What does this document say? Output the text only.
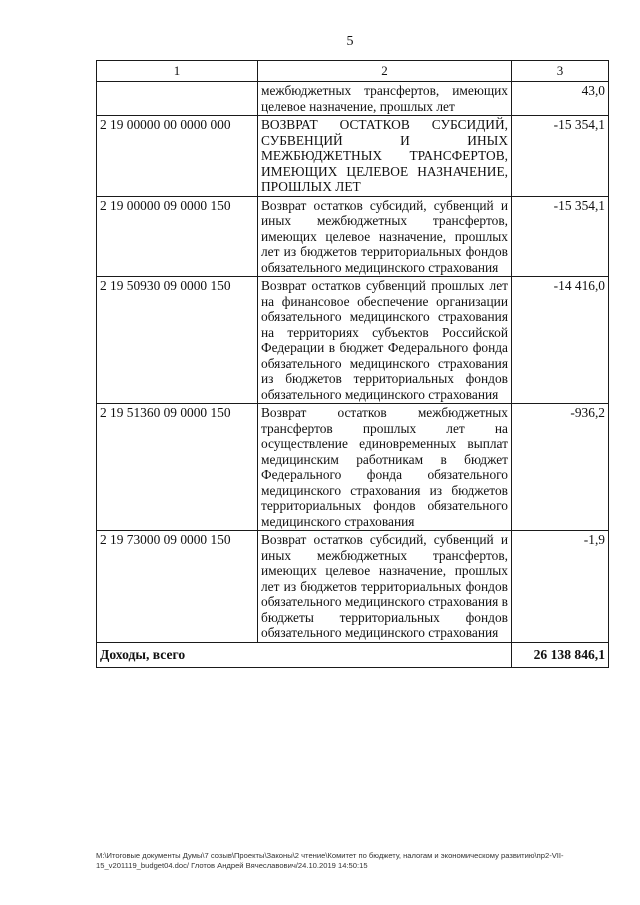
5
1	2	3
	межбюджетных трансфертов, имеющих целевое назначение, прошлых лет	43,0
2 19 00000 00 0000 000	ВОЗВРАТ ОСТАТКОВ СУБСИДИЙ, СУБВЕНЦИЙ И ИНЫХ МЕЖБЮДЖЕТНЫХ ТРАНСФЕРТОВ, ИМЕЮЩИХ ЦЕЛЕВОЕ НАЗНАЧЕНИЕ, ПРОШЛЫХ ЛЕТ	-15 354,1
2 19 00000 09 0000 150	Возврат остатков субсидий, субвенций и иных межбюджетных трансфертов, имеющих целевое назначение, прошлых лет из бюджетов территориальных фондов обязательного медицинского страхования	-15 354,1
2 19 50930 09 0000 150	Возврат остатков субвенций прошлых лет на финансовое обеспечение организации обязательного медицинского страхования на территориях субъектов Российской Федерации в бюджет Федерального фонда обязательного медицинского страхования из бюджетов территориальных фондов обязательного медицинского страхования	-14 416,0
2 19 51360 09 0000 150	Возврат остатков межбюджетных трансфертов прошлых лет на осуществление единовременных выплат медицинским работникам в бюджет Федерального фонда обязательного медицинского страхования из бюджетов территориальных фондов обязательного медицинского страхования	-936,2
2 19 73000 09 0000 150	Возврат остатков субсидий, субвенций и иных межбюджетных трансфертов, имеющих целевое назначение, прошлых лет из бюджетов территориальных фондов обязательного медицинского страхования в бюджеты территориальных фондов обязательного медицинского страхования	-1,9
Доходы, всего		26 138 846,1
M:\Итоговые документы Думы\7 созыв\Проекты\Законы\2 чтение\Комитет по бюджету, налогам и экономическому развитию\пр2-VII-
15_v201119_budget04.doc/ Глотов Андрей Вячеславович/24.10.2019 14:50:15
